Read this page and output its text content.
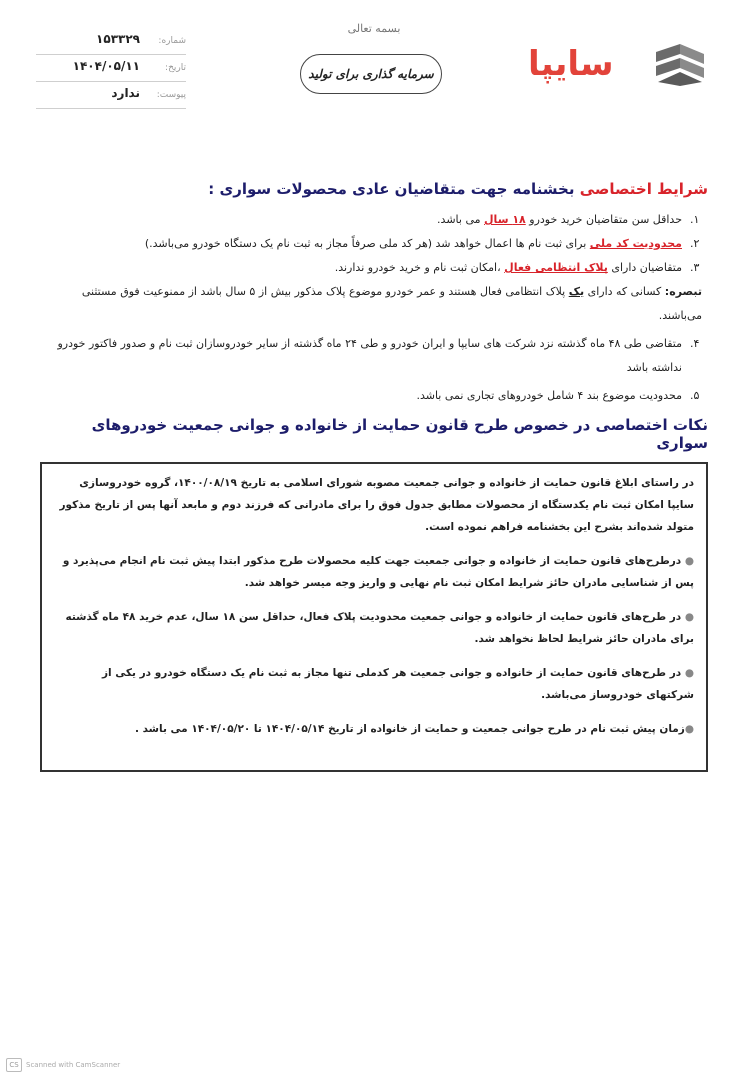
بسمه تعالی
سایپا
سرمایه گذاری برای تولید
شماره:
۱۵۳۳۲۹
تاریخ:
۱۴۰۴/۰۵/۱۱
پیوست:
ندارد
شرایط اختصاصی بخشنامه جهت متقاضیان عادی محصولات سواری :
۱.
حداقل سن متقاضیان خرید خودرو ۱۸ سال می باشد.
۲.
محدودیت کد ملی برای ثبت نام ها اعمال خواهد شد (هر کد ملی صرفاً مجاز به ثبت نام یک دستگاه خودرو می‌باشد.)
۳.
متقاضیان دارای پلاک انتظامی فعال ،امکان ثبت نام و خرید خودرو ندارند.
تبصره: کسانی که دارای یک پلاک انتظامی فعال هستند و عمر خودرو موضوع پلاک مذکور بیش از ۵ سال باشد از ممنوعیت فوق مستثنی می‌باشند.
۴.
متقاضی طی ۴۸ ماه گذشته نزد شرکت های سایپا و ایران خودرو و طی ۲۴ ماه گذشته از سایر خودروسازان ثبت نام و صدور فاکتور خودرو نداشته باشد
۵.
محدودیت موضوع بند ۴ شامل خودروهای تجاری نمی باشد.
نکات اختصاصی در خصوص طرح قانون حمایت از خانواده و جوانی جمعیت خودروهای سواری

در راستای ابلاغ قانون حمایت از خانواده و جوانی جمعیت مصوبه شورای اسلامی به تاریخ ۱۴۰۰/۰۸/۱۹، گروه خودروسازی سایپا امکان ثبت نام یکدستگاه از محصولات مطابق جدول فوق را برای مادرانی که فرزند دوم و مابعد آنها پس از تاریخ مذکور متولد شده‌اند بشرح این بخشنامه فراهم نموده است.

● درطرح‌های قانون حمایت از خانواده و جوانی جمعیت جهت کلیه محصولات طرح مذکور ابتدا پیش ثبت نام انجام می‌پذیرد و پس از شناسایی مادران حائز شرایط امکان ثبت نام نهایی و واریز وجه میسر خواهد شد.

● در طرح‌های قانون حمایت از خانواده و جوانی جمعیت محدودیت پلاک فعال، حداقل سن ۱۸ سال، عدم خرید ۴۸ ماه گذشته برای مادران حائز شرایط لحاظ نخواهد شد.

● در طرح‌های قانون حمایت از خانواده و جوانی جمعیت هر کدملی تنها مجاز به ثبت نام یک دستگاه خودرو در یکی از شرکتهای خودروساز می‌باشد.

●زمان پیش ثبت نام در طرح جوانی جمعیت و حمایت از خانواده از تاریخ ۱۴۰۴/۰۵/۱۴ تا ۱۴۰۴/۰۵/۲۰ می باشد .

CS	Scanned with CamScanner
